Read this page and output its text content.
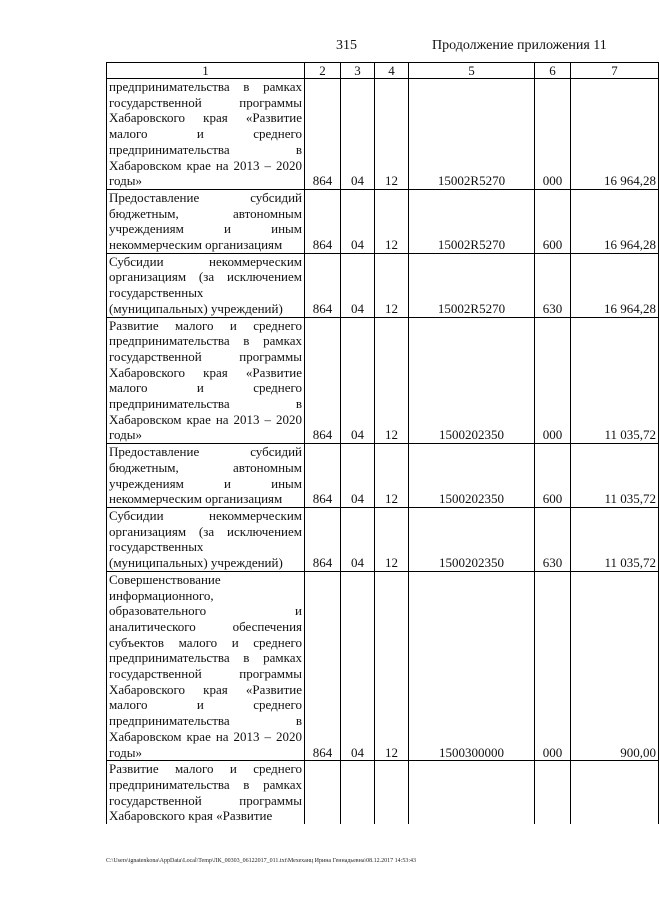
315	Продолжение приложения 11
1	2	3	4	5	6	7
предпринимательства в рамках государственной программы Хабаровского края «Развитие малого и среднего предпринимательства в Хабаровском крае на 2013 – 2020 годы»	864	04	12	15002R5270	000	16 964,28
Предоставление субсидий бюджетным, автономным учреждениям и иным некоммерческим организациям	864	04	12	15002R5270	600	16 964,28
Субсидии некоммерческим организациям (за исключением государственных (муниципальных) учреждений)	864	04	12	15002R5270	630	16 964,28
Развитие малого и среднего предпринимательства в рамках государственной программы Хабаровского края «Развитие малого и среднего предпринимательства в Хабаровском крае на 2013 – 2020 годы»	864	04	12	1500202350	000	11 035,72
Предоставление субсидий бюджетным, автономным учреждениям и иным некоммерческим организациям	864	04	12	1500202350	600	11 035,72
Субсидии некоммерческим организациям (за исключением государственных (муниципальных) учреждений)	864	04	12	1500202350	630	11 035,72
Совершенствование информационного, образовательного и аналитического обеспечения субъектов малого и среднего предпринимательства в рамках государственной программы Хабаровского края «Развитие малого и среднего предпринимательства в Хабаровском крае на 2013 – 2020 годы»	864	04	12	1500300000	000	900,00
Развитие малого и среднего предпринимательства в рамках государственной программы Хабаровского края «Развитие						
C:\Users\ignatenkona\AppData\Local\Temp\ЛК_00303_06122017_011.txt\Мехеханц Ирина Геннадьевна\08.12.2017 14:53:43
